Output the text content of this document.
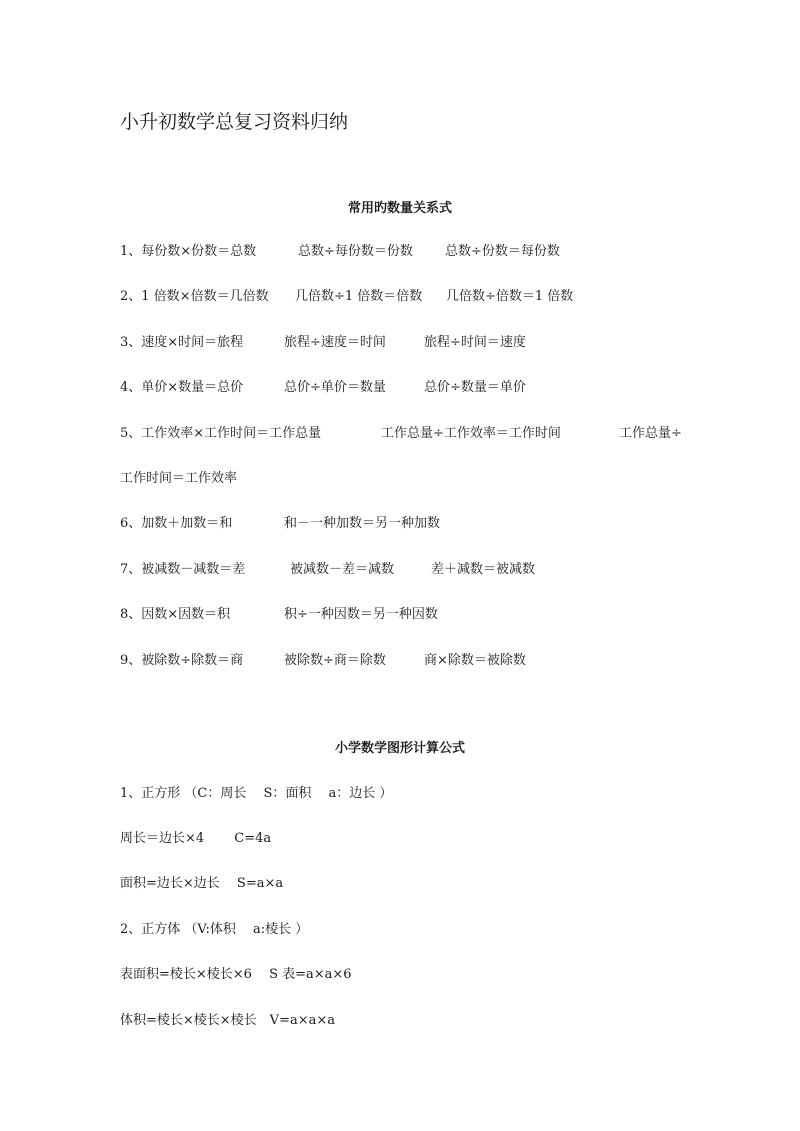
小升初数学总复习资料归纳
常用旳数量关系式
1、每份数×份数＝总数	总数÷每份数＝份数 总数÷份数＝每份数
2、1 倍数×倍数＝几倍数 几倍数÷1 倍数＝倍数 几倍数÷倍数＝1 倍数
3、速度×时间＝旅程	旅程÷速度＝时间	旅程÷时间＝速度
4、单价×数量＝总价	总价÷单价＝数量	总价÷数量＝单价
5、工作效率×工作时间＝工作总量	工作总量÷工作效率＝工作时间	工作总量÷
工作时间＝工作效率
6、加数＋加数＝和	和－一种加数＝另一种加数
7、被减数－减数＝差	被减数－差＝减数	差＋减数＝被减数
8、因数×因数＝积	积÷一种因数＝另一种因数
9、被除数÷除数＝商	被除数÷商＝除数	商×除数＝被除数
小学数学图形计算公式
1、正方形 （C：周长　 S：面积　 a：边长 ）
周长＝边长×4　　 C=4a
面积=边长×边长　 S=a×a
2、正方体 （V:体积　 a:棱长 ）
表面积=棱长×棱长×6　 S 表=a×a×6
体积=棱长×棱长×棱长　V=a×a×a
